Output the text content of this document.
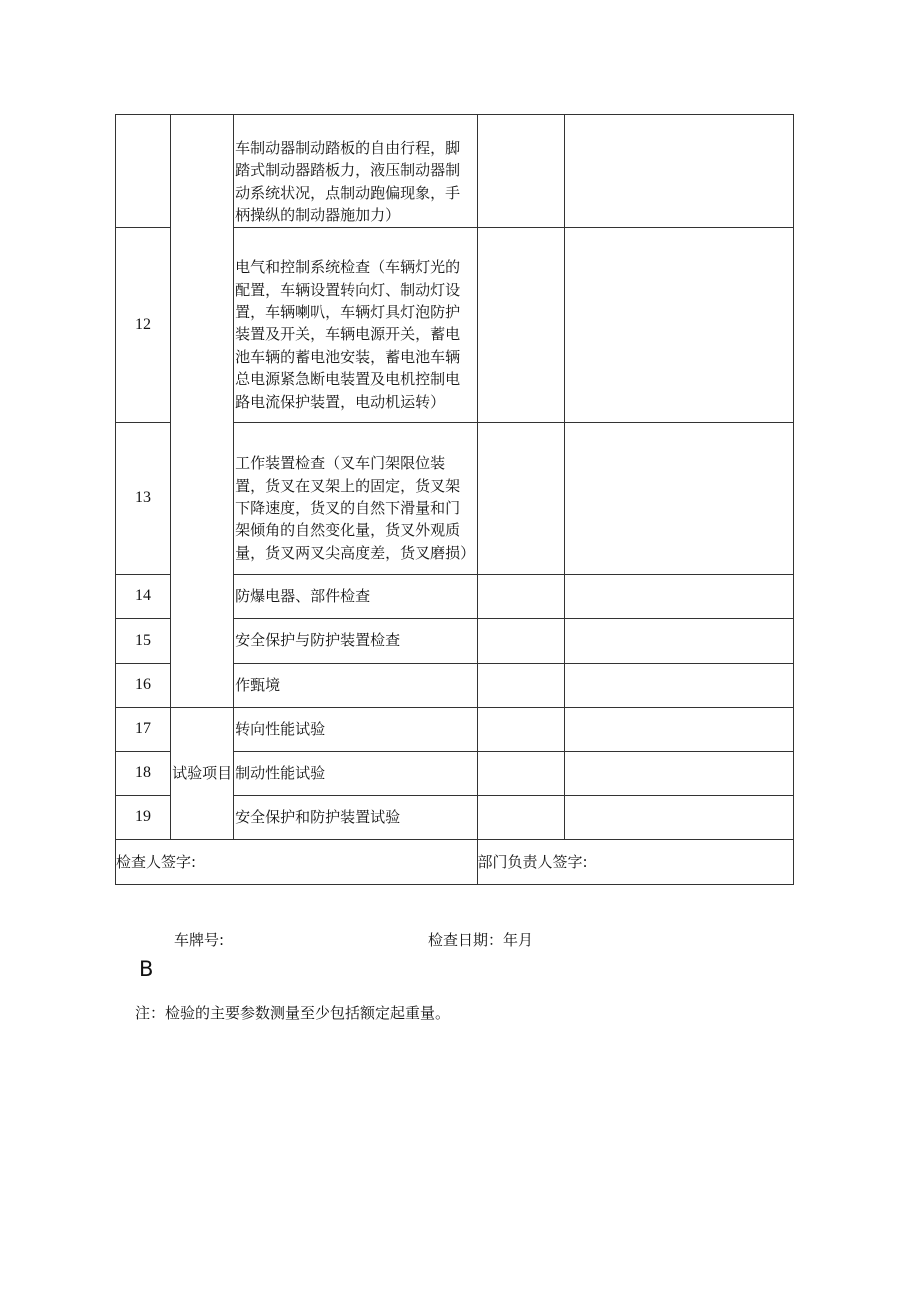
		车制动器制动踏板的自由行程，脚踏式制动器踏板力，液压制动器制动系统状况，点制动跑偏现象，手柄操纵的制动器施加力）		
12		电气和控制系统检查（车辆灯光的配置，车辆设置转向灯、制动灯设置，车辆喇叭，车辆灯具灯泡防护装置及开关，车辆电源开关，蓄电池车辆的蓄电池安装，蓄电池车辆总电源紧急断电装置及电机控制电路电流保护装置，电动机运转）		
13		工作装置检查（叉车门架限位装置，货叉在叉架上的固定，货叉架下降速度，货叉的自然下滑量和门架倾角的自然变化量，货叉外观质量，货叉两叉尖高度差，货叉磨损）		
14		防爆电器、部件检查		
15		安全保护与防护装置检查		
16		作甄境		
17	试验项目	转向性能试验		
18		制动性能试验		
19		安全保护和防护装置试验		
检查人签字:			部门负责人签字:	
车牌号:	检查日期：年月
B
注：检验的主要参数测量至少包括额定起重量。
